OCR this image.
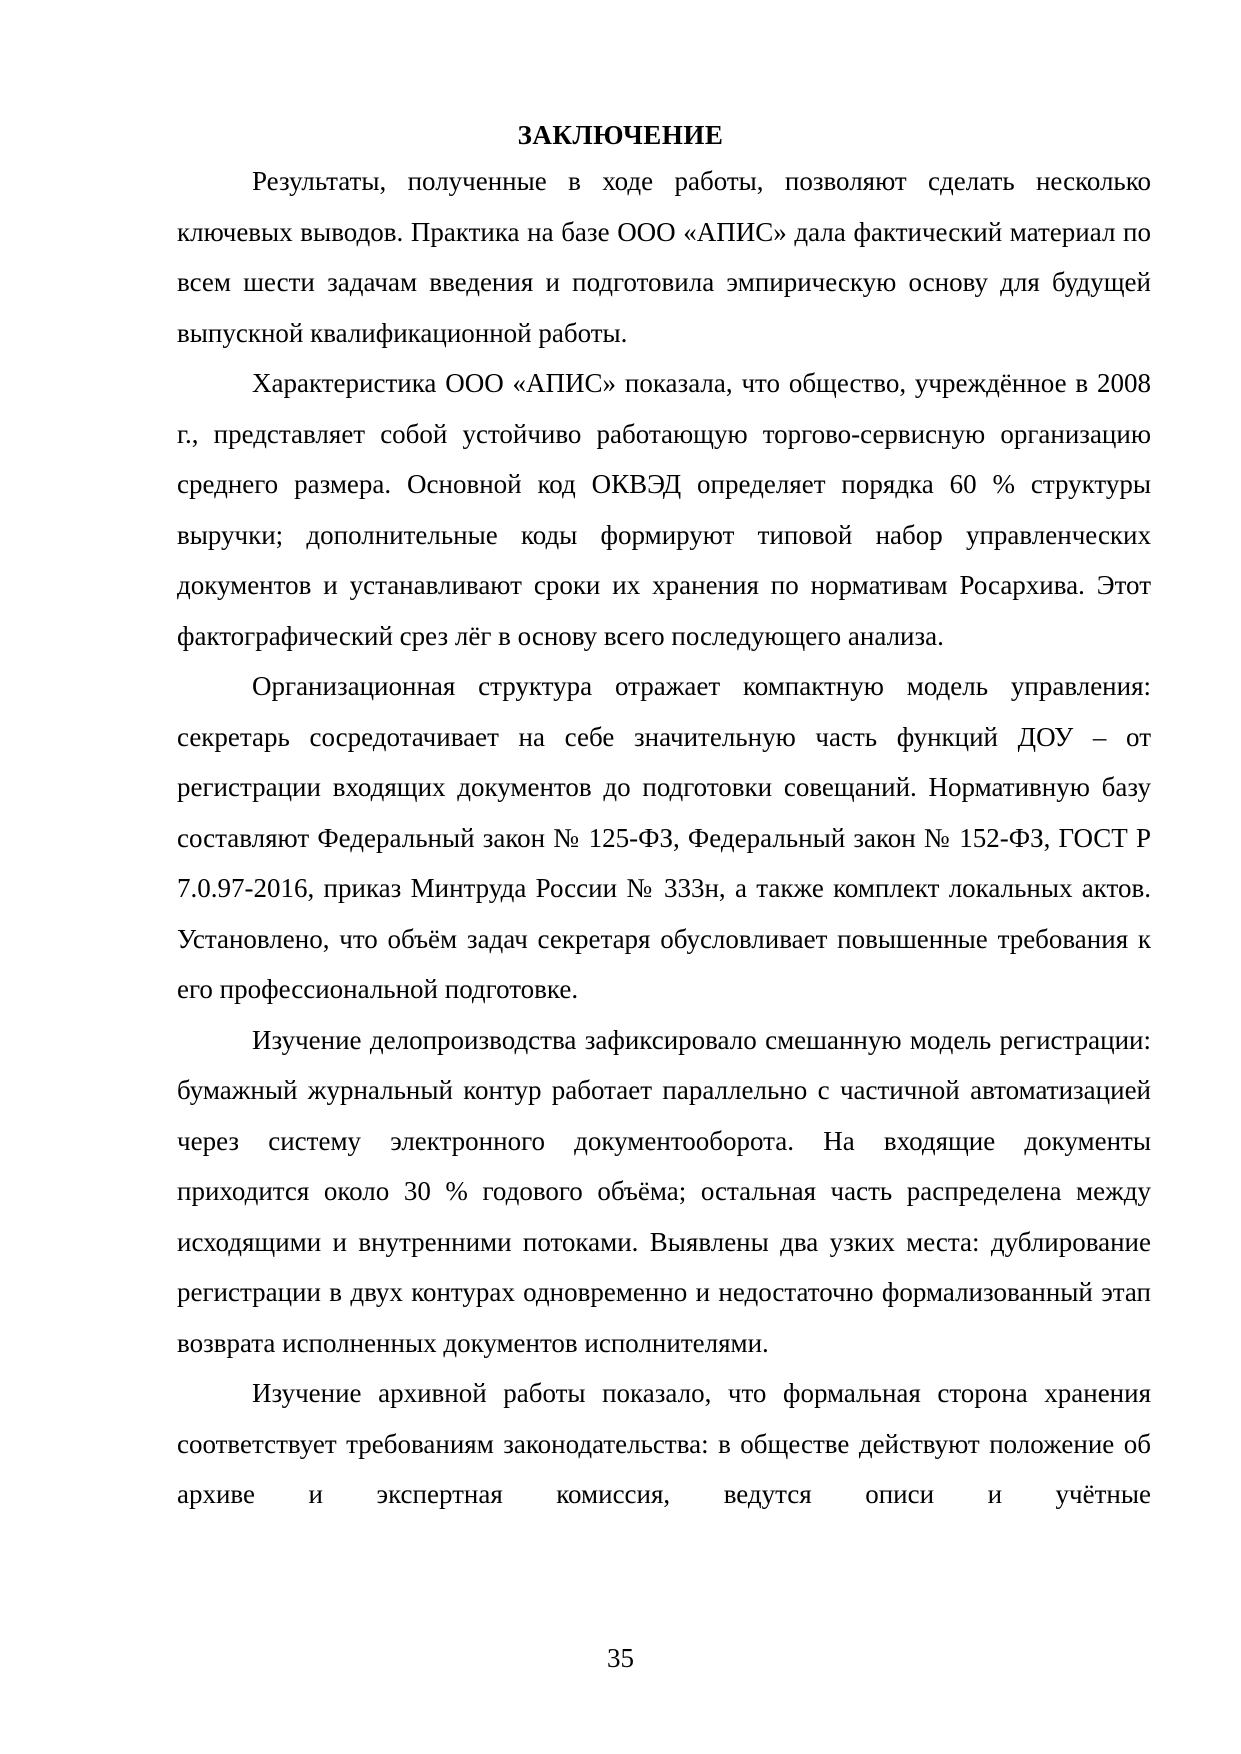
ЗАКЛЮЧЕНИЕ

Результаты, полученные в ходе работы, позволяют сделать несколько ключевых выводов. Практика на базе ООО «АПИС» дала фактический материал по всем шести задачам введения и подготовила эмпирическую основу для будущей выпускной квалификационной работы.

Характеристика ООО «АПИС» показала, что общество, учреждённое в 2008 г., представляет собой устойчиво работающую торгово-сервисную организацию среднего размера. Основной код ОКВЭД определяет порядка 60 % структуры выручки; дополнительные коды формируют типовой набор управленческих документов и устанавливают сроки их хранения по нормативам Росархива. Этот фактографический срез лёг в основу всего последующего анализа.

Организационная структура отражает компактную модель управления: секретарь сосредотачивает на себе значительную часть функций ДОУ – от регистрации входящих документов до подготовки совещаний. Нормативную базу составляют Федеральный закон № 125-ФЗ, Федеральный закон № 152-ФЗ, ГОСТ Р 7.0.97-2016, приказ Минтруда России № 333н, а также комплект локальных актов. Установлено, что объём задач секретаря обусловливает повышенные требования к его профессиональной подготовке.

Изучение делопроизводства зафиксировало смешанную модель регистрации: бумажный журнальный контур работает параллельно с частичной автоматизацией через систему электронного документооборота. На входящие документы приходится около 30 % годового объёма; остальная часть распределена между исходящими и внутренними потоками. Выявлены два узких места: дублирование регистрации в двух контурах одновременно и недостаточно формализованный этап возврата исполненных документов исполнителями.

Изучение архивной работы показало, что формальная сторона хранения соответствует требованиям законодательства: в обществе действуют положение об архиве и экспертная комиссия, ведутся описи и учётные

35
